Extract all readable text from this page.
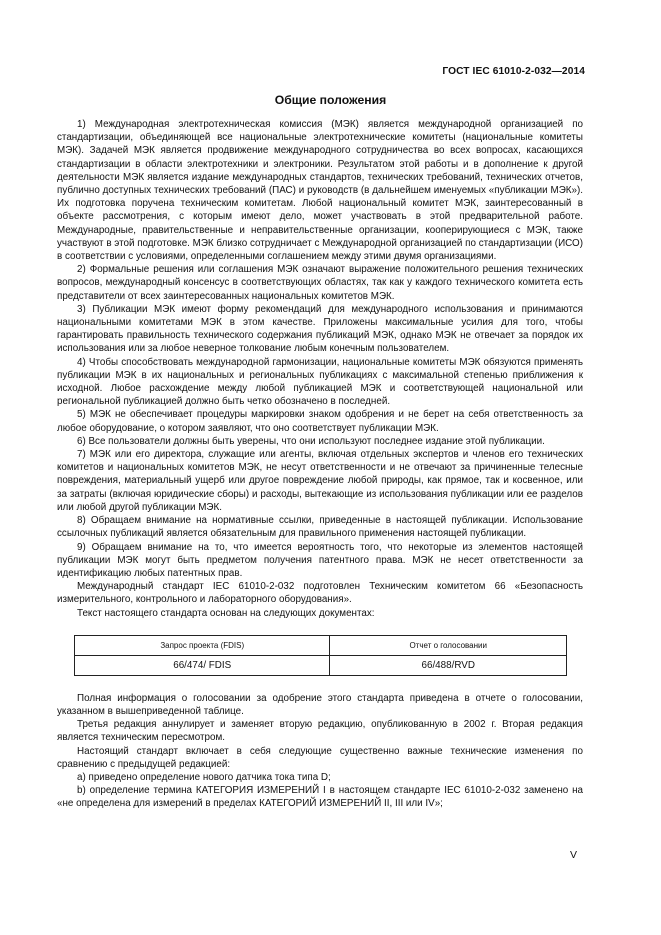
ГОСТ IEC 61010-2-032—2014
Общие положения

1) Международная электротехническая комиссия (МЭК) является международной организацией по стандартизации, объединяющей все национальные электротехнические комитеты (национальные комитеты МЭК). Задачей МЭК является продвижение международного сотрудничества во всех вопросах, касающихся стандартизации в области электротехники и электроники. Результатом этой работы и в дополнение к другой деятельности МЭК является издание международных стандартов, технических требований, технических отчетов, публично доступных технических требований (ПАС) и руководств (в дальнейшем именуемых «публикации МЭК»). Их подготовка поручена техническим комитетам. Любой национальный комитет МЭК, заинтересованный в объекте рассмотрения, с которым имеют дело, может участвовать в этой предварительной работе. Международные, правительственные и неправительственные организации, кооперирующиеся с МЭК, также участвуют в этой подготовке. МЭК близко сотрудничает с Международной организацией по стандартизации (ИСО) в соответствии с условиями, определенными соглашением между этими двумя организациями.

2) Формальные решения или соглашения МЭК означают выражение положительного решения технических вопросов, международный консенсус в соответствующих областях, так как у каждого технического комитета есть представители от всех заинтересованных национальных комитетов МЭК.

3) Публикации МЭК имеют форму рекомендаций для международного использования и принимаются национальными комитетами МЭК в этом качестве. Приложены максимальные усилия для того, чтобы гарантировать правильность технического содержания публикаций МЭК, однако МЭК не отвечает за порядок их использования или за любое неверное толкование любым конечным пользователем.

4) Чтобы способствовать международной гармонизации, национальные комитеты МЭК обязуются применять публикации МЭК в их национальных и региональных публикациях с максимальной степенью приближения к исходной. Любое расхождение между любой публикацией МЭК и соответствующей национальной или региональной публикацией должно быть четко обозначено в последней.

5) МЭК не обеспечивает процедуры маркировки знаком одобрения и не берет на себя ответственность за любое оборудование, о котором заявляют, что оно соответствует публикации МЭК.

6) Все пользователи должны быть уверены, что они используют последнее издание этой публикации.

7) МЭК или его директора, служащие или агенты, включая отдельных экспертов и членов его технических комитетов и национальных комитетов МЭК, не несут ответственности и не отвечают за причиненные телесные повреждения, материальный ущерб или другое повреждение любой природы, как прямое, так и косвенное, или за затраты (включая юридические сборы) и расходы, вытекающие из использования публикации или ее разделов или любой другой публикации МЭК.

8) Обращаем внимание на нормативные ссылки, приведенные в настоящей публикации. Использование ссылочных публикаций является обязательным для правильного применения настоящей публикации.

9) Обращаем внимание на то, что имеется вероятность того, что некоторые из элементов настоящей публикации МЭК могут быть предметом получения патентного права. МЭК не несет ответственности за идентификацию любых патентных прав.

Международный стандарт IEC 61010-2-032 подготовлен Техническим комитетом 66 «Безопасность измерительного, контрольного и лабораторного оборудования».

Текст настоящего стандарта основан на следующих документах:

Запрос проекта (FDIS)	Отчет о голосовании
66/474/ FDIS	66/488/RVD

Полная информация о голосовании за одобрение этого стандарта приведена в отчете о голосовании, указанном в вышеприведенной таблице.

Третья редакция аннулирует и заменяет вторую редакцию, опубликованную в 2002 г. Вторая редакция является техническим пересмотром.

Настоящий стандарт включает в себя следующие существенно важные технические изменения по сравнению с предыдущей редакцией:

a) приведено определение нового датчика тока типа D;

b) определение термина КАТЕГОРИЯ ИЗМЕРЕНИЙ I в настоящем стандарте IEC 61010-2-032 заменено на «не определена для измерений в пределах КАТЕГОРИЙ ИЗМЕРЕНИЙ II, III или IV»;

V
